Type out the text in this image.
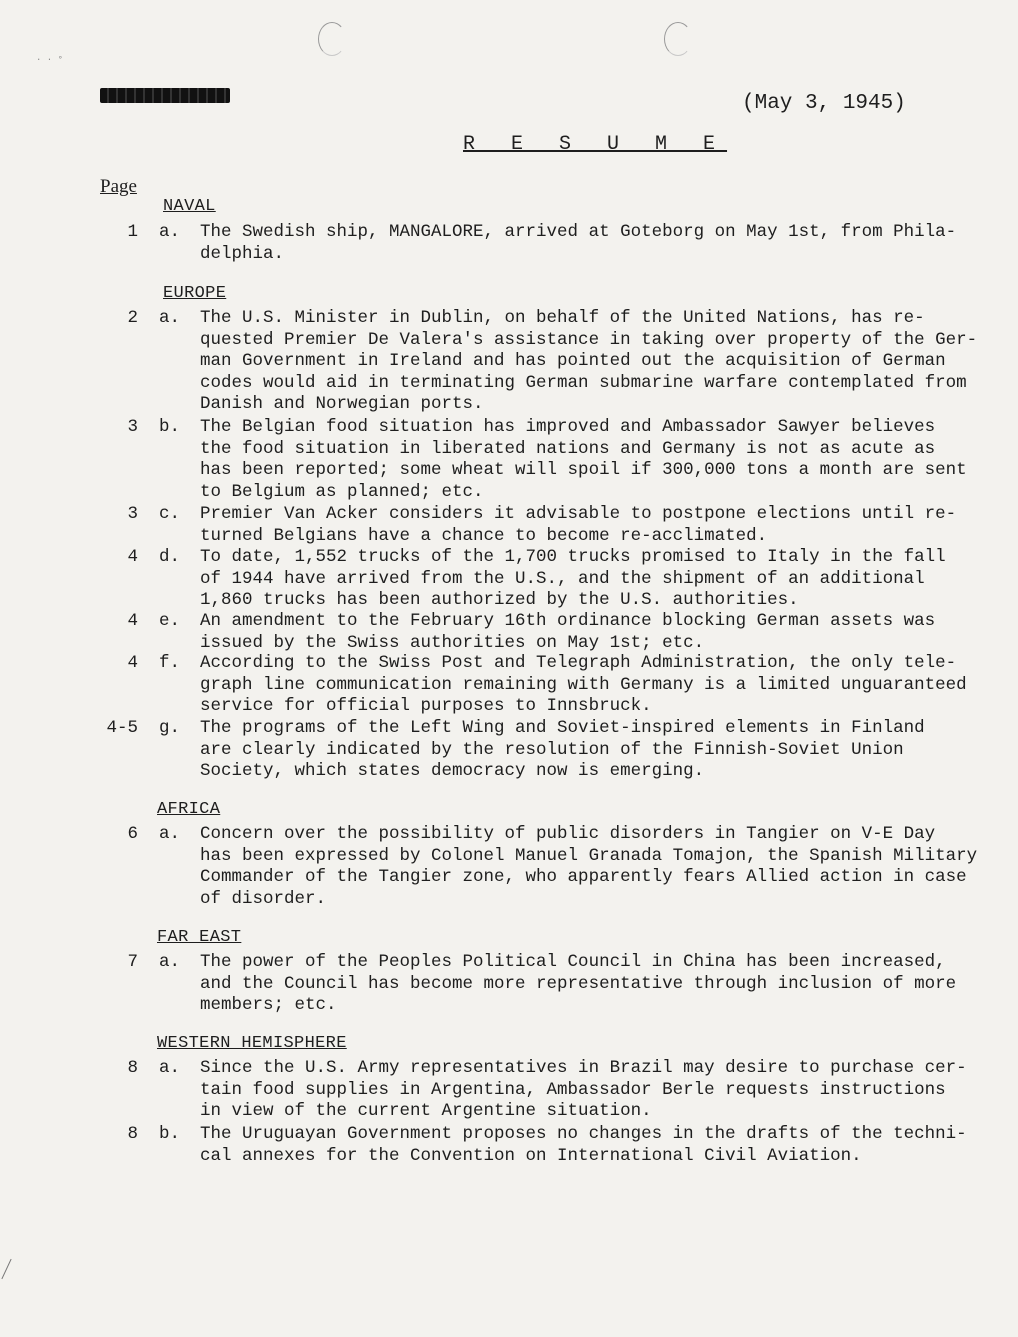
· · °
(May 3, 1945)
R E S U M E
Page
NAVAL
1 a. The Swedish ship, MANGALORE, arrived at Goteborg on May 1st, from Phila-
delphia.
EUROPE
2 a. The U.S. Minister in Dublin, on behalf of the United Nations, has re-
quested Premier De Valera's assistance in taking over property of the Ger-
man Government in Ireland and has pointed out the acquisition of German
codes would aid in terminating German submarine warfare contemplated from
Danish and Norwegian ports.
3 b. The Belgian food situation has improved and Ambassador Sawyer believes
the food situation in liberated nations and Germany is not as acute as
has been reported; some wheat will spoil if 300,000 tons a month are sent
to Belgium as planned; etc.
3 c. Premier Van Acker considers it advisable to postpone elections until re-
turned Belgians have a chance to become re-acclimated.
4 d. To date, 1,552 trucks of the 1,700 trucks promised to Italy in the fall
of 1944 have arrived from the U.S., and the shipment of an additional
1,860 trucks has been authorized by the U.S. authorities.
4 e. An amendment to the February 16th ordinance blocking German assets was
issued by the Swiss authorities on May 1st; etc.
4 f. According to the Swiss Post and Telegraph Administration, the only tele-
graph line communication remaining with Germany is a limited unguaranteed
service for official purposes to Innsbruck.
4-5 g. The programs of the Left Wing and Soviet-inspired elements in Finland
are clearly indicated by the resolution of the Finnish-Soviet Union
Society, which states democracy now is emerging.
AFRICA
6 a. Concern over the possibility of public disorders in Tangier on V-E Day
has been expressed by Colonel Manuel Granada Tomajon, the Spanish Military
Commander of the Tangier zone, who apparently fears Allied action in case
of disorder.
FAR EAST
7 a. The power of the Peoples Political Council in China has been increased,
and the Council has become more representative through inclusion of more
members; etc.
WESTERN HEMISPHERE
8 a. Since the U.S. Army representatives in Brazil may desire to purchase cer-
tain food supplies in Argentina, Ambassador Berle requests instructions
in view of the current Argentine situation.
8 b. The Uruguayan Government proposes no changes in the drafts of the techni-
cal annexes for the Convention on International Civil Aviation.
